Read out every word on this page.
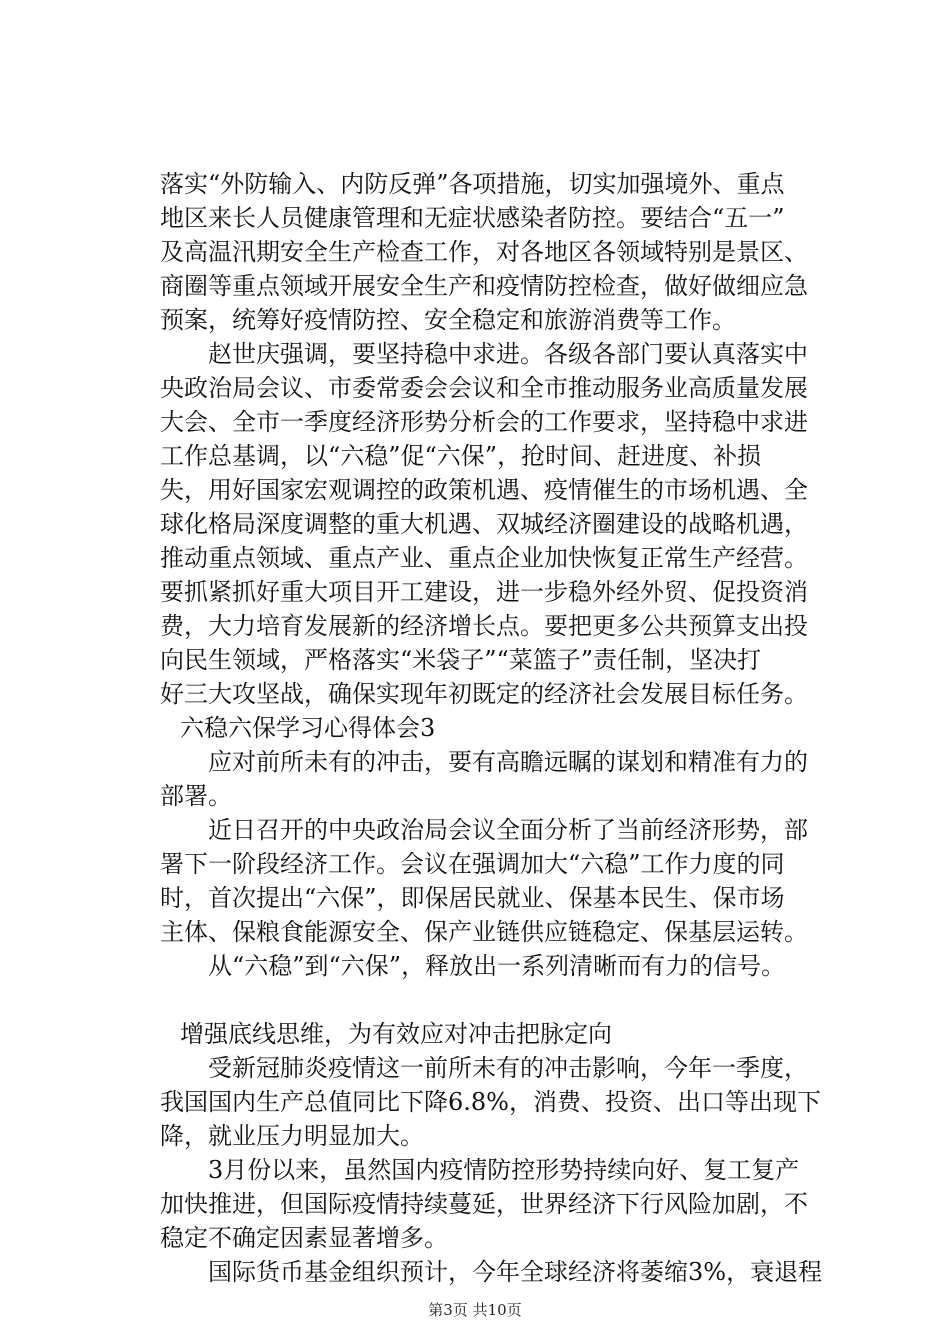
落实“外防输入、内防反弹”各项措施，切实加强境外、重点
地区来长人员健康管理和无症状感染者防控。要结合“五一”
及高温汛期安全生产检查工作，对各地区各领域特别是景区、
商圈等重点领域开展安全生产和疫情防控检查，做好做细应急
预案，统筹好疫情防控、安全稳定和旅游消费等工作。
赵世庆强调，要坚持稳中求进。各级各部门要认真落实中
央政治局会议、市委常委会会议和全市推动服务业高质量发展
大会、全市一季度经济形势分析会的工作要求，坚持稳中求进
工作总基调，以“六稳”促“六保”，抢时间、赶进度、补损
失，用好国家宏观调控的政策机遇、疫情催生的市场机遇、全
球化格局深度调整的重大机遇、双城经济圈建设的战略机遇，
推动重点领域、重点产业、重点企业加快恢复正常生产经营。
要抓紧抓好重大项目开工建设，进一步稳外经外贸、促投资消
费，大力培育发展新的经济增长点。要把更多公共预算支出投
向民生领域，严格落实“米袋子”“菜篮子”责任制，坚决打
好三大攻坚战，确保实现年初既定的经济社会发展目标任务。
六稳六保学习心得体会3
应对前所未有的冲击，要有高瞻远瞩的谋划和精准有力的
部署。
近日召开的中央政治局会议全面分析了当前经济形势，部
署下一阶段经济工作。会议在强调加大“六稳”工作力度的同
时，首次提出“六保”，即保居民就业、保基本民生、保市场
主体、保粮食能源安全、保产业链供应链稳定、保基层运转。
从“六稳”到“六保”，释放出一系列清晰而有力的信号。
增强底线思维，为有效应对冲击把脉定向
受新冠肺炎疫情这一前所未有的冲击影响，今年一季度，
我国国内生产总值同比下降6.8%，消费、投资、出口等出现下
降，就业压力明显加大。
3月份以来，虽然国内疫情防控形势持续向好、复工复产
加快推进，但国际疫情持续蔓延，世界经济下行风险加剧，不
稳定不确定因素显著增多。
国际货币基金组织预计，今年全球经济将萎缩3%，衰退程
第3页 共10页
